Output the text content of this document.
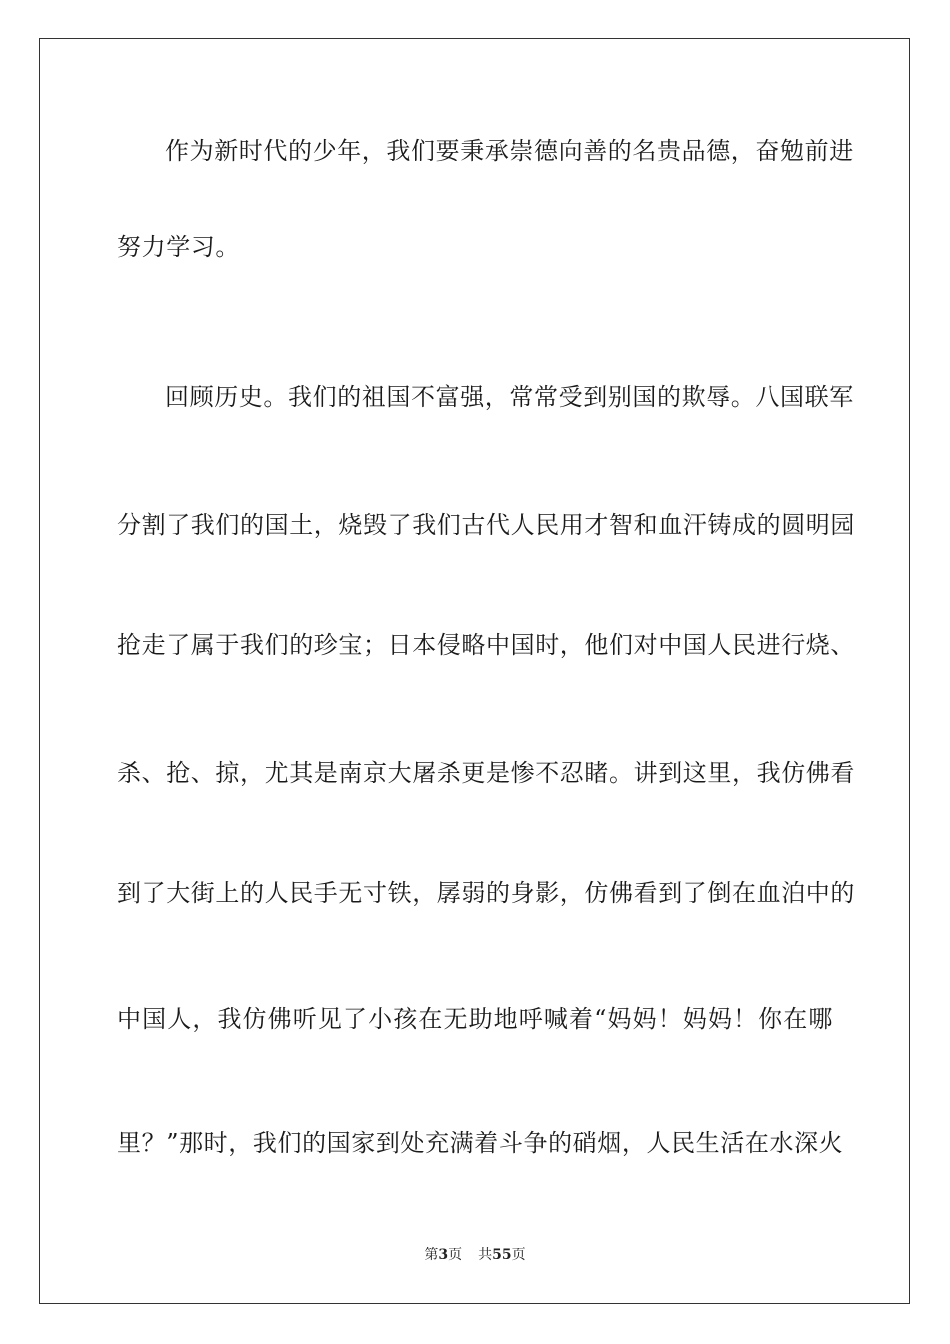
作为新时代的少年，我们要秉承崇德向善的名贵品德，奋勉前进
努力学习。
回顾历史。我们的祖国不富强，常常受到别国的欺辱。八国联军
分割了我们的国土，烧毁了我们古代人民用才智和血汗铸成的圆明园
抢走了属于我们的珍宝；日本侵略中国时，他们对中国人民进行烧、
杀、抢、掠，尤其是南京大屠杀更是惨不忍睹。讲到这里，我仿佛看
到了大街上的人民手无寸铁，孱弱的身影，仿佛看到了倒在血泊中的
中国人，我仿佛听见了小孩在无助地呼喊着“妈妈！妈妈！你在哪
里？”那时，我们的国家到处充满着斗争的硝烟，人民生活在水深火
第3页 共55页
